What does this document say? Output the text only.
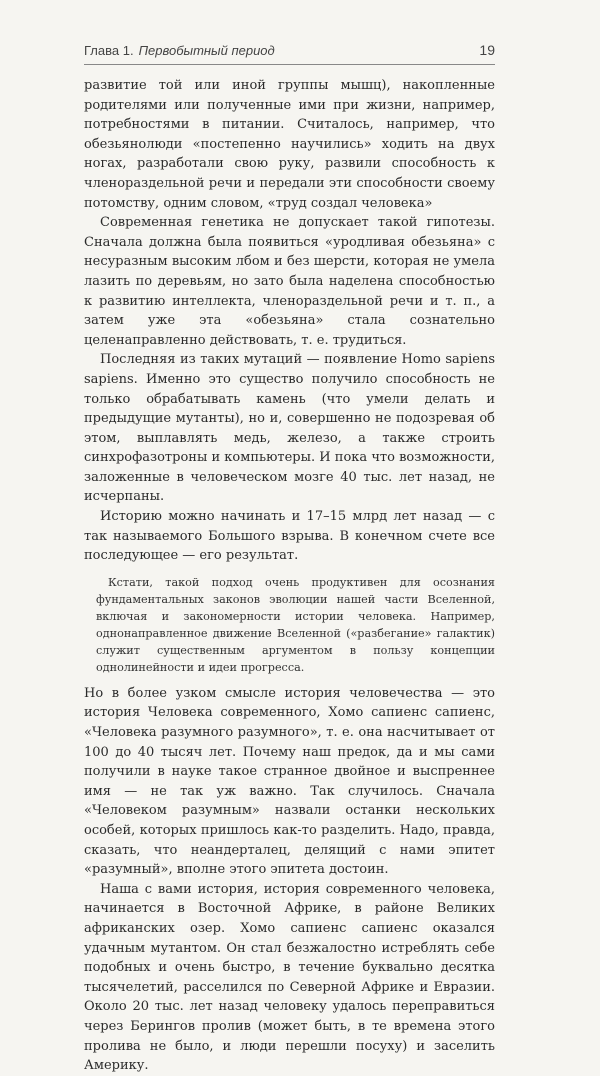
Глава 1. Первобытный период	19

развитие той или иной группы мышц), накопленные родителями или полученные ими при жизни, например, потребностями в питании. Считалось, например, что обезьянолюди «постепенно научились» ходить на двух ногах, разработали свою руку, развили способность к членораздельной речи и передали эти способности своему потомству, одним словом, «труд создал человека»

Современная генетика не допускает такой гипотезы. Сначала должна была появиться «уродливая обезьяна» с несуразным высоким лбом и без шерсти, которая не умела лазить по деревьям, но зато была наделена способностью к развитию интеллекта, членораздельной речи и т. п., а затем уже эта «обезьяна» стала сознательно целенаправленно действовать, т. е. трудиться.

Последняя из таких мутаций — появление Homo sapiens sapiens. Именно это существо получило способность не только обрабатывать камень (что умели делать и предыдущие мутанты), но и, совершенно не подозревая об этом, выплавлять медь, железо, а также строить синхрофазотроны и компьютеры. И пока что возможности, заложенные в человеческом мозге 40 тыс. лет назад, не исчерпаны.

Историю можно начинать и 17–15 млрд лет назад — с так называемого Большого взрыва. В конечном счете все последующее — его результат.

Кстати, такой подход очень продуктивен для осознания фундаментальных законов эволюции нашей части Вселенной, включая и закономерности истории человека. Например, однонаправленное движение Вселенной («разбегание» галактик) служит существенным аргументом в пользу концепции однолинейности и идеи прогресса.

Но в более узком смысле история человечества — это история Человека современного, Хомо сапиенс сапиенс, «Человека разумного разумного», т. е. она насчитывает от 100 до 40 тысяч лет. Почему наш предок, да и мы сами получили в науке такое странное двойное и выспреннее имя — не так уж важно. Так случилось. Сначала «Человеком разумным» назвали останки нескольких особей, которых пришлось как-то разделить. Надо, правда, сказать, что неандерталец, делящий с нами эпитет «разумный», вполне этого эпитета достоин.

Наша с вами история, история современного человека, начинается в Восточной Африке, в районе Великих африканских озер. Хомо сапиенс сапиенс оказался удачным мутантом. Он стал безжалостно истреблять себе подобных и очень быстро, в течение буквально десятка тысячелетий, расселился по Северной Африке и Евразии. Около 20 тыс. лет назад человеку удалось переправиться через Берингов пролив (может быть, в те времена этого пролива не было, и люди перешли посуху) и заселить Америку.
